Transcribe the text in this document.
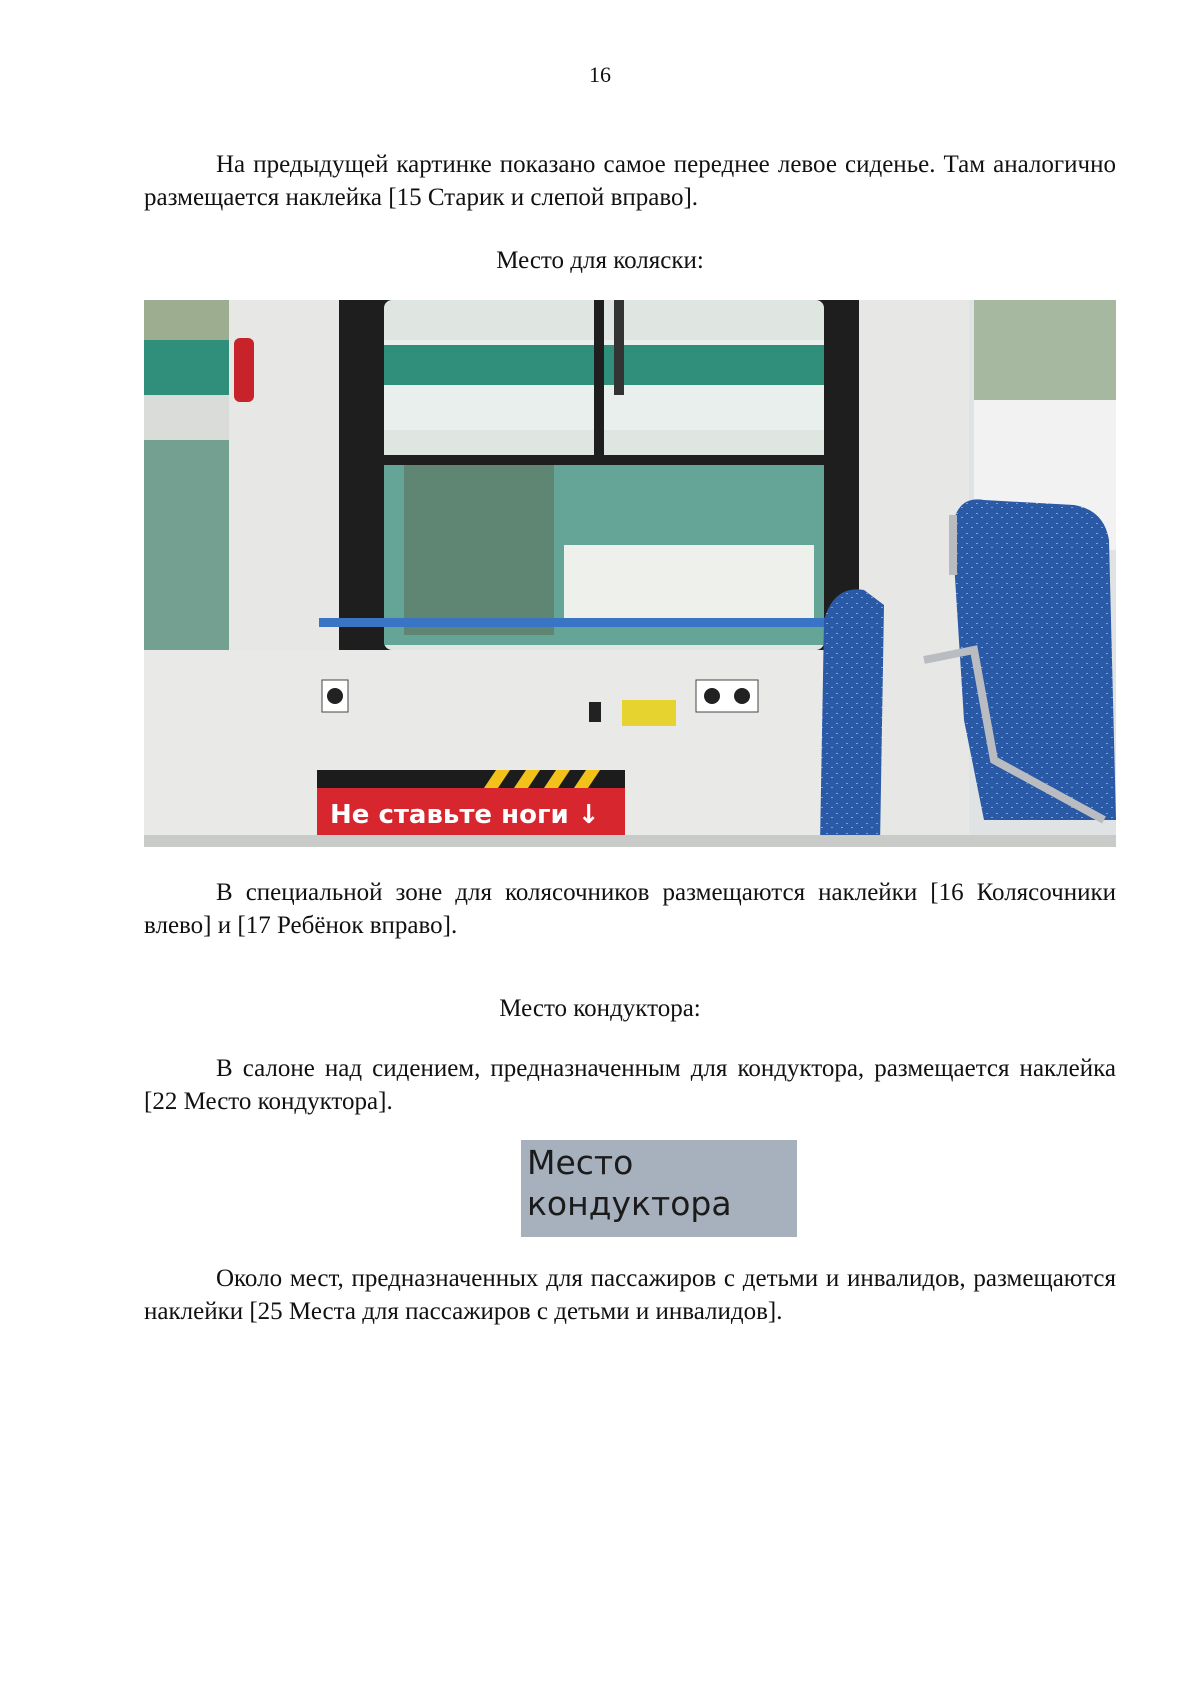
16

На предыдущей картинке показано самое переднее левое сиденье. Там аналогично размещается наклейка [15 Старик и слепой вправо].

Место для коляски:
Не ставьте ноги ↓

В специальной зоне для колясочников размещаются наклейки [16 Колясочники влево] и [17 Ребёнок вправо].

Место кондуктора:

В салоне над сидением, предназначенным для кондуктора, размещается наклейка [22 Место кондуктора].

Место
кондуктора

Около мест, предназначенных для пассажиров с детьми и инвалидов, размещаются наклейки [25 Места для пассажиров с детьми и инвалидов].
